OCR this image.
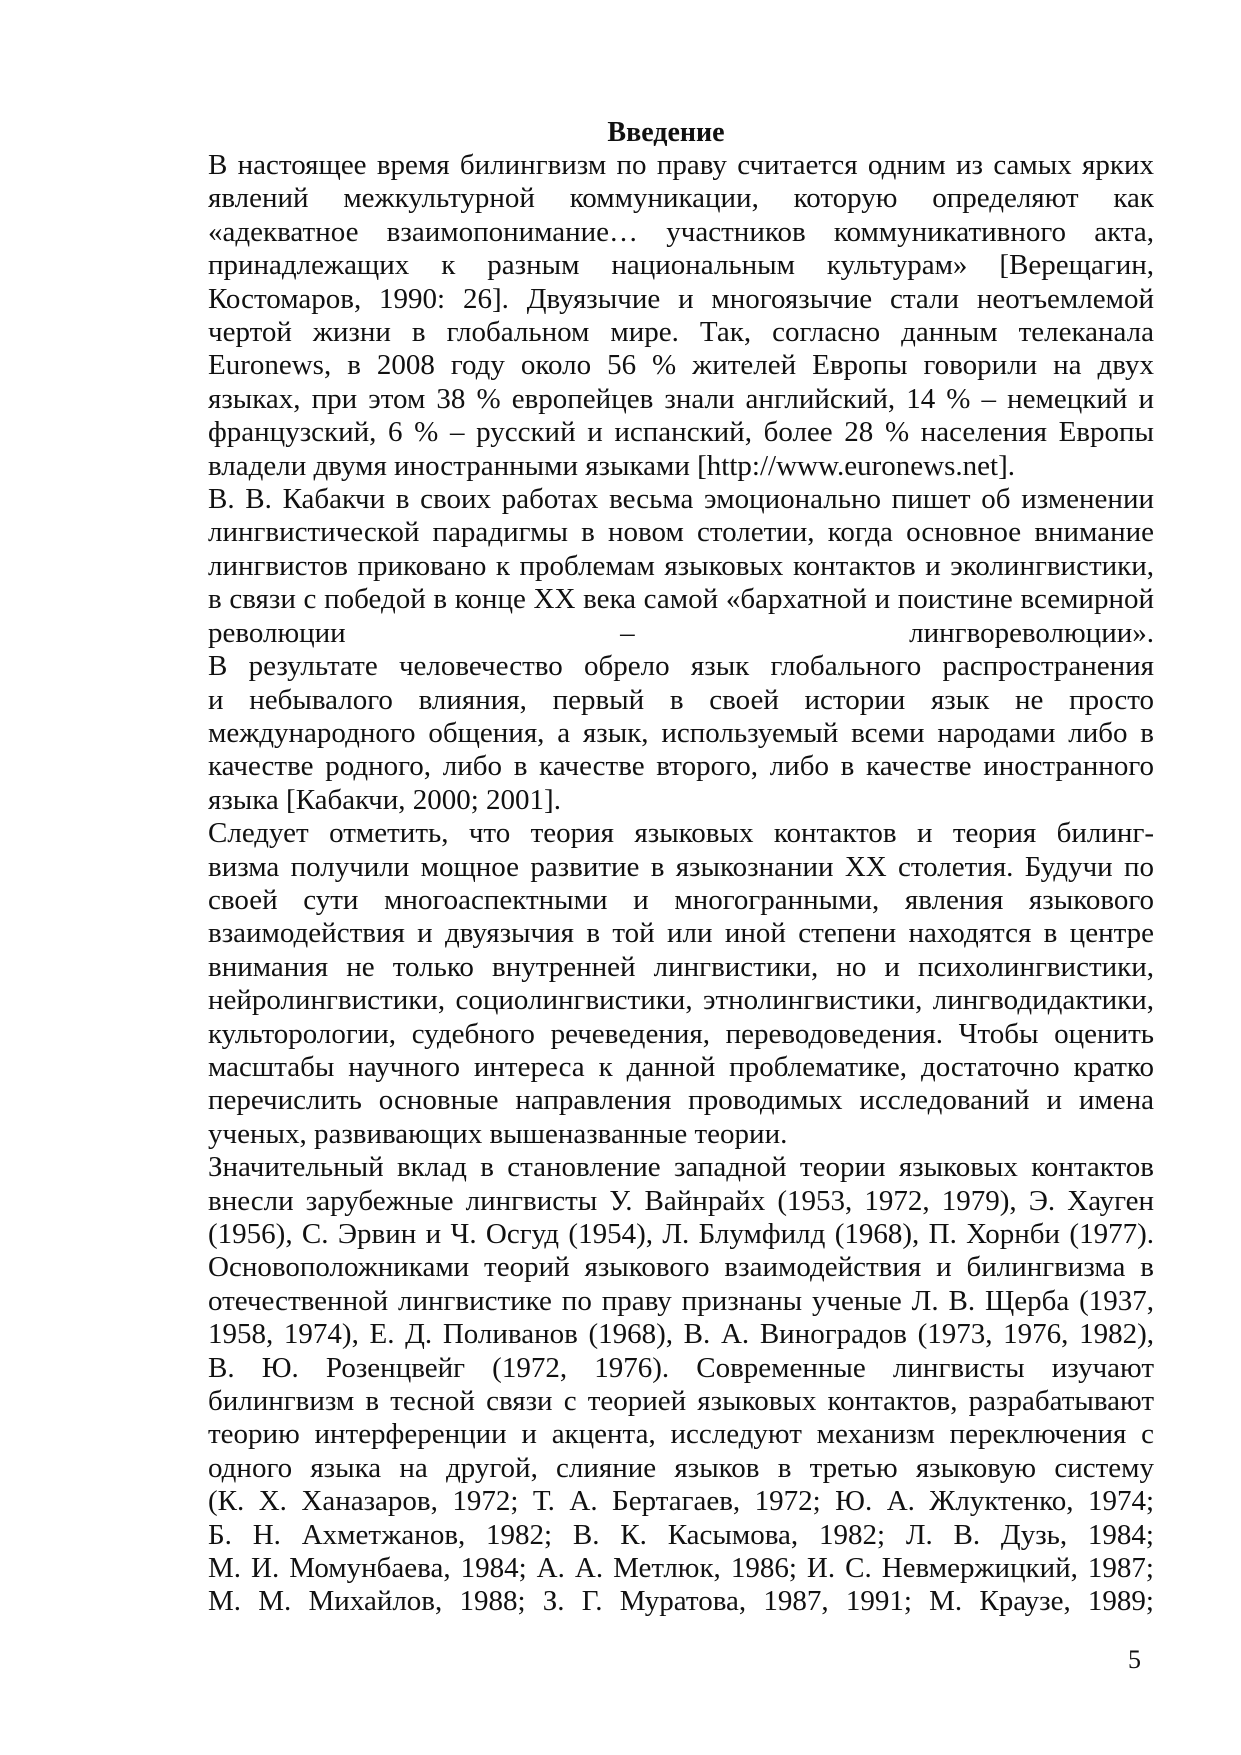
Введение

В настоящее время билингвизм по праву считается одним из самых ярких
явлений межкультурной коммуникации, которую определяют как
«адекватное взаимопонимание… участников коммуникативного акта,
принадлежащих к разным национальным культурам» [Верещагин,
Костомаров, 1990: 26]. Двуязычие и многоязычие стали неотъемлемой
чертой жизни в глобальном мире. Так, согласно данным телеканала
Euronews, в 2008 году около 56 % жителей Европы говорили на двух
языках, при этом 38 % европейцев знали английский, 14 % – немецкий и
французский, 6 % – русский и испанский, более 28 % населения Европы
владели двумя иностранными языками [http://www.euronews.net].

В. В. Кабакчи в своих работах весьма эмоционально пишет об изменении
лингвистической парадигмы в новом столетии, когда основное внимание
лингвистов приковано к проблемам языковых контактов и эколингвистики,
в связи с победой в конце XX века самой «бархатной и поистине всемирной
революции – лингвореволюции».
В результате человечество обрело язык глобального распространения
и небывалого влияния, первый в своей истории язык не просто
международного общения, а язык, используемый всеми народами либо в
качестве родного, либо в качестве второго, либо в качестве иностранного
языка [Кабакчи, 2000; 2001].

Следует отметить, что теория языковых контактов и теория билинг-
визма получили мощное развитие в языкознании XX столетия. Будучи по
своей сути многоаспектными и многогранными, явления языкового
взаимодействия и двуязычия в той или иной степени находятся в центре
внимания не только внутренней лингвистики, но и психолингвистики,
нейролингвистики, социолингвистики, этнолингвистики, лингводидактики,
культорологии, судебного речеведения, переводоведения. Чтобы оценить
масштабы научного интереса к данной проблематике, достаточно кратко
перечислить основные направления проводимых исследований и имена
ученых, развивающих вышеназванные теории.

Значительный вклад в становление западной теории языковых контактов
внесли зарубежные лингвисты У. Вайнрайх (1953, 1972, 1979), Э. Хауген
(1956), С. Эрвин и Ч. Осгуд (1954), Л. Блумфилд (1968), П. Хорнби (1977).
Основоположниками теорий языкового взаимодействия и билингвизма в
отечественной лингвистике по праву признаны ученые Л. В. Щерба (1937,
1958, 1974), Е. Д. Поливанов (1968), В. А. Виноградов (1973, 1976, 1982),
В. Ю. Розенцвейг (1972, 1976). Современные лингвисты изучают
билингвизм в тесной связи с теорией языковых контактов, разрабатывают
теорию интерференции и акцента, исследуют механизм переключения с
одного языка на другой, слияние языков в третью языковую систему
(К. Х. Ханазаров, 1972; Т. А. Бертагаев, 1972; Ю. А. Жлуктенко, 1974;
Б. Н. Ахметжанов, 1982; В. К. Касымова, 1982; Л. В. Дузь, 1984;
М. И. Момунбаева, 1984; А. А. Метлюк, 1986; И. С. Невмержицкий, 1987;
М. М. Михайлов, 1988; З. Г. Муратова, 1987, 1991; М. Краузе, 1989;

5
